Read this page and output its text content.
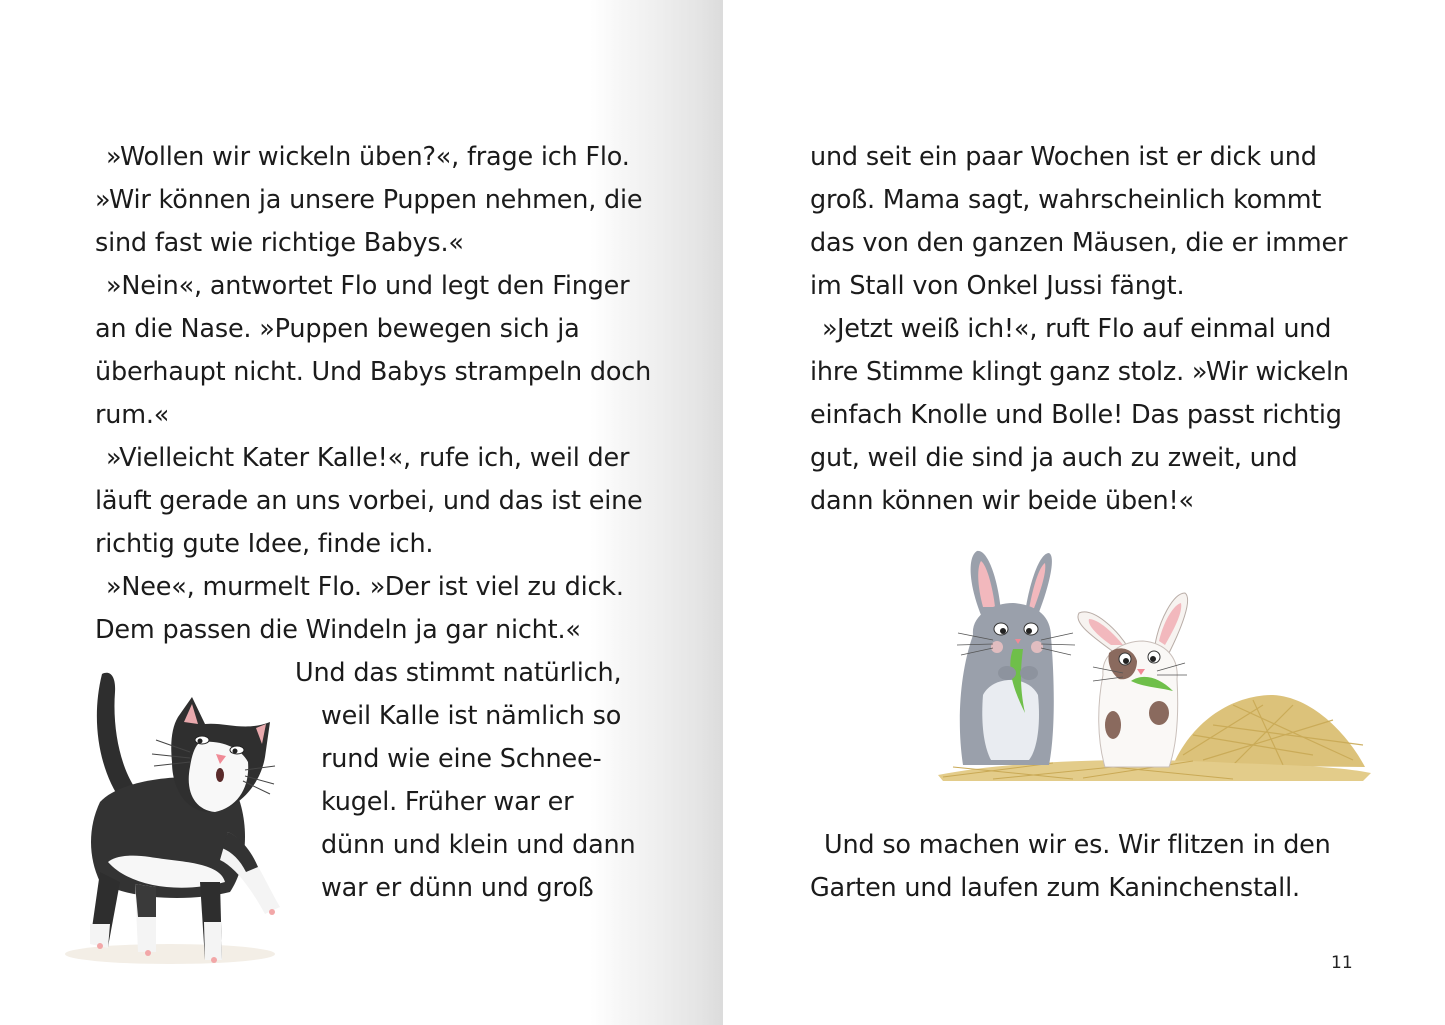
»Wollen wir wickeln üben?«, frage ich Flo.
»Wir können ja unsere Puppen nehmen, die
sind fast wie richtige Babys.«
»Nein«, antwortet Flo und legt den Finger
an die Nase. »Puppen bewegen sich ja
überhaupt nicht. Und Babys strampeln doch
rum.«
»Vielleicht Kater Kalle!«, rufe ich, weil der
läuft gerade an uns vorbei, und das ist eine
richtig gute Idee, finde ich.
»Nee«, murmelt Flo. »Der ist viel zu dick.
Dem passen die Windeln ja gar nicht.«
Und das stimmt natürlich,
weil Kalle ist nämlich so
rund wie eine Schnee-
kugel. Früher war er
dünn und klein und dann
war er dünn und groß
und seit ein paar Wochen ist er dick und
groß. Mama sagt, wahrscheinlich kommt
das von den ganzen Mäusen, die er immer
im Stall von Onkel Jussi fängt.
»Jetzt weiß ich!«, ruft Flo auf einmal und
ihre Stimme klingt ganz stolz. »Wir wickeln
einfach Knolle und Bolle! Das passt richtig
gut, weil die sind ja auch zu zweit, und
dann können wir beide üben!«
Und so machen wir es. Wir flitzen in den
Garten und laufen zum Kaninchenstall.
11
